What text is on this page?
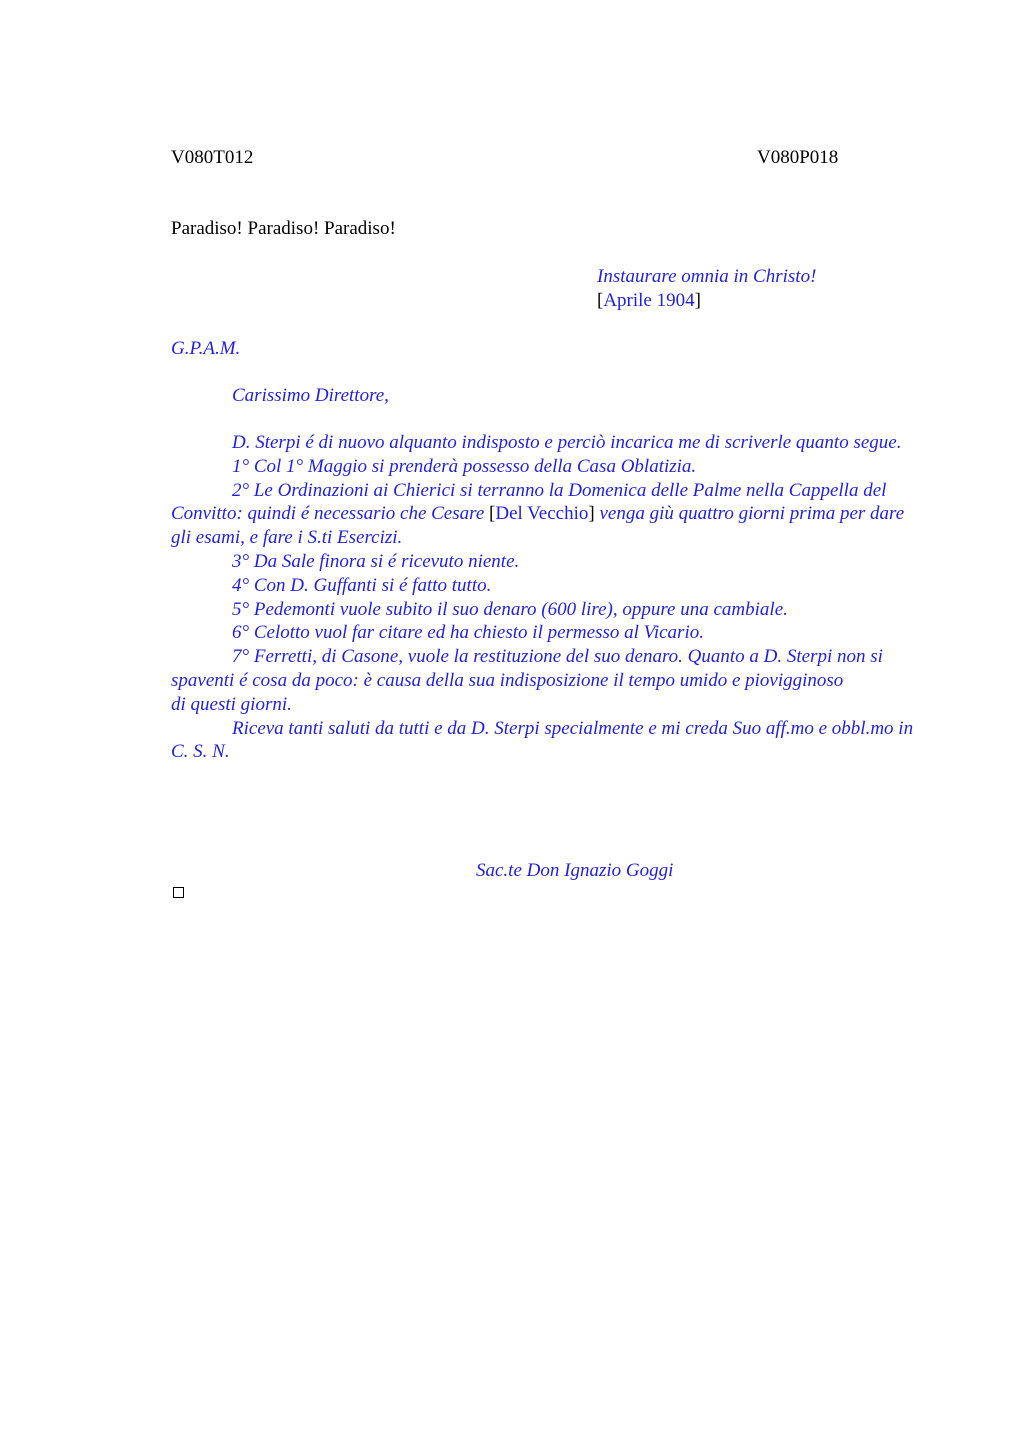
V080T012	V080P018
Paradiso! Paradiso! Paradiso!
Instaurare omnia in Christo!
[Aprile 1904]
G.P.A.M.
Carissimo Direttore,

D. Sterpi é di nuovo alquanto indisposto e perciò incarica me di scriverle quanto segue.

1° Col 1° Maggio si prenderà possesso della Casa Oblatizia.

2° Le Ordinazioni ai Chierici si terranno la Domenica delle Palme nella Cappella del Convitto: quindi é necessario che Cesare [Del Vecchio] venga giù quattro giorni prima per dare gli esami, e fare i S.ti Esercizi.

3° Da Sale finora si é ricevuto niente.

4° Con D. Guffanti si é fatto tutto.

5° Pedemonti vuole subito il suo denaro (600 lire), oppure una cambiale.

6° Celotto vuol far citare ed ha chiesto il permesso al Vicario.

7° Ferretti, di Casone, vuole la restituzione del suo denaro. Quanto a D. Sterpi non si spaventi é cosa da poco: è causa della sua indisposizione il tempo umido e piovigginoso

di questi giorni.

Riceva tanti saluti da tutti e da D. Sterpi specialmente e mi creda Suo aff.mo e obbl.mo in C. S. N.

Sac.te Don Ignazio Goggi
